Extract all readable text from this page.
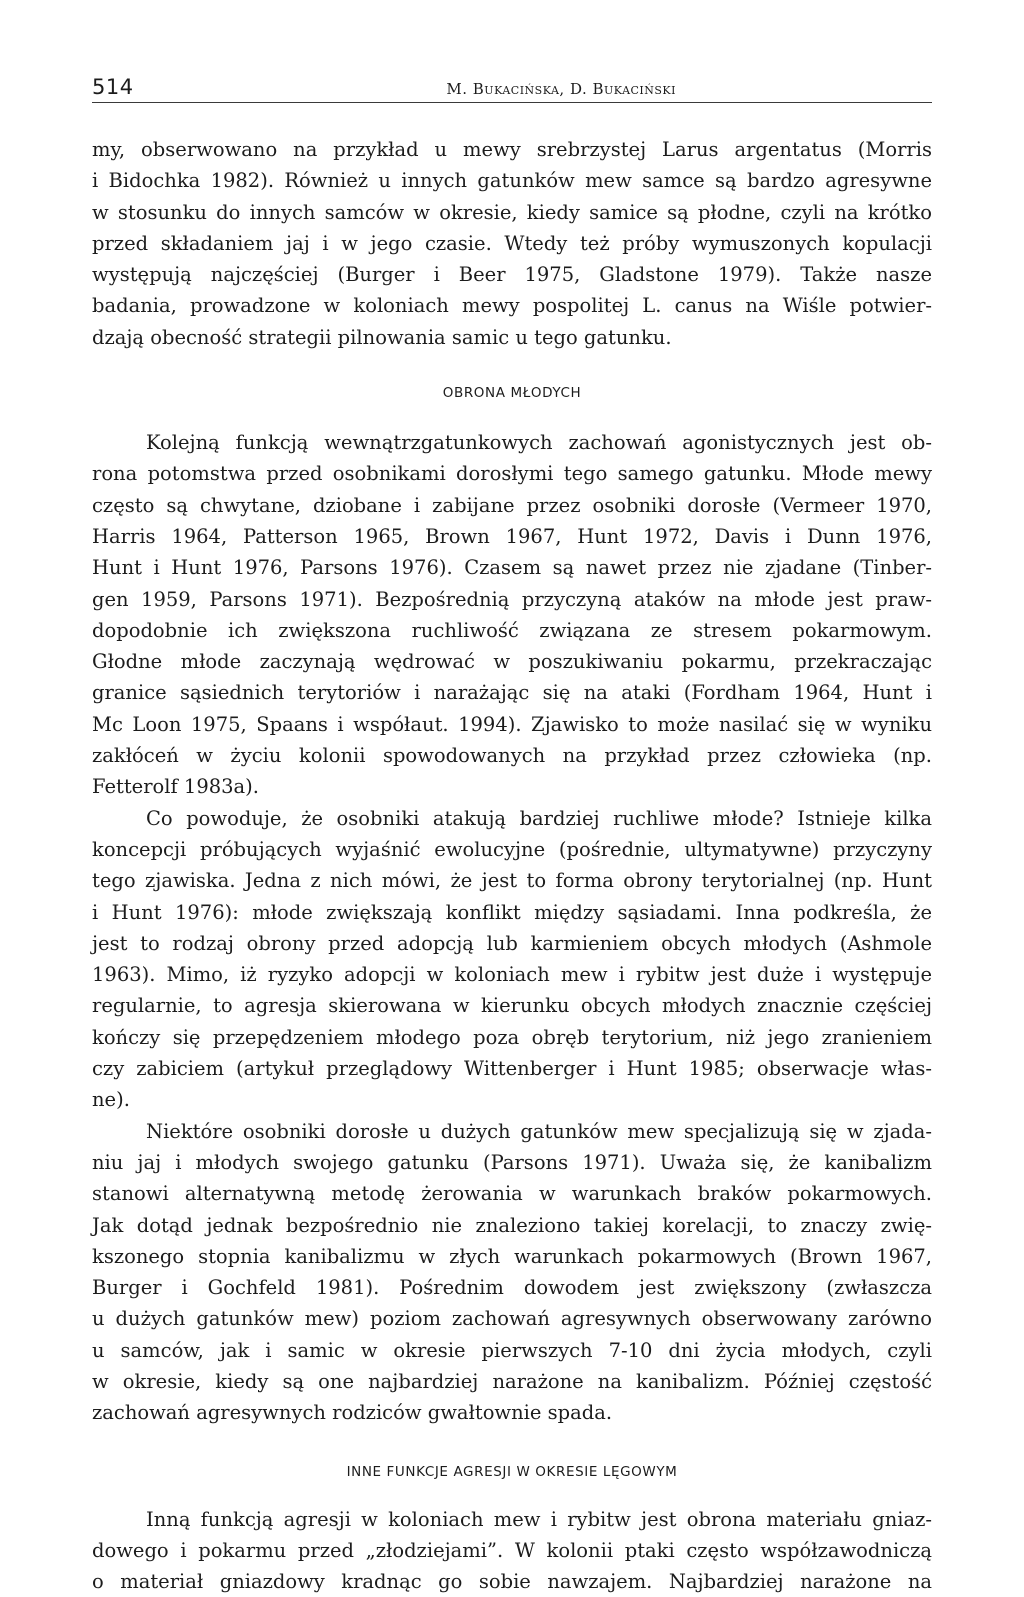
514	M. Bukacińska, D. Bukaciński
my, obserwowano na przykład u mewy srebrzystej Larus argentatus (Morris
i Bidochka 1982). Również u innych gatunków mew samce są bardzo agresywne
w stosunku do innych samców w okresie, kiedy samice są płodne, czyli na krótko
przed składaniem jaj i w jego czasie. Wtedy też próby wymuszonych kopulacji
występują najczęściej (Burger i Beer 1975, Gladstone 1979). Także nasze
badania, prowadzone w koloniach mewy pospolitej L. canus na Wiśle potwier-
dzają obecność strategii pilnowania samic u tego gatunku.
OBRONA MŁODYCH
Kolejną funkcją wewnątrzgatunkowych zachowań agonistycznych jest ob-
rona potomstwa przed osobnikami dorosłymi tego samego gatunku. Młode mewy
często są chwytane, dziobane i zabijane przez osobniki dorosłe (Vermeer 1970,
Harris 1964, Patterson 1965, Brown 1967, Hunt 1972, Davis i Dunn 1976,
Hunt i Hunt 1976, Parsons 1976). Czasem są nawet przez nie zjadane (Tinber-
gen 1959, Parsons 1971). Bezpośrednią przyczyną ataków na młode jest praw-
dopodobnie ich zwiększona ruchliwość związana ze stresem pokarmowym.
Głodne młode zaczynają wędrować w poszukiwaniu pokarmu, przekraczając
granice sąsiednich terytoriów i narażając się na ataki (Fordham 1964, Hunt i
Mc Loon 1975, Spaans i współaut. 1994). Zjawisko to może nasilać się w wyniku
zakłóceń w życiu kolonii spowodowanych na przykład przez człowieka (np.
Fetterolf 1983a).
Co powoduje, że osobniki atakują bardziej ruchliwe młode? Istnieje kilka
koncepcji próbujących wyjaśnić ewolucyjne (pośrednie, ultymatywne) przyczyny
tego zjawiska. Jedna z nich mówi, że jest to forma obrony terytorialnej (np. Hunt
i Hunt 1976): młode zwiększają konflikt między sąsiadami. Inna podkreśla, że
jest to rodzaj obrony przed adopcją lub karmieniem obcych młodych (Ashmole
1963). Mimo, iż ryzyko adopcji w koloniach mew i rybitw jest duże i występuje
regularnie, to agresja skierowana w kierunku obcych młodych znacznie częściej
kończy się przepędzeniem młodego poza obręb terytorium, niż jego zranieniem
czy zabiciem (artykuł przeglądowy Wittenberger i Hunt 1985; obserwacje włas-
ne).
Niektóre osobniki dorosłe u dużych gatunków mew specjalizują się w zjada-
niu jaj i młodych swojego gatunku (Parsons 1971). Uważa się, że kanibalizm
stanowi alternatywną metodę żerowania w warunkach braków pokarmowych.
Jak dotąd jednak bezpośrednio nie znaleziono takiej korelacji, to znaczy zwię-
kszonego stopnia kanibalizmu w złych warunkach pokarmowych (Brown 1967,
Burger i Gochfeld 1981). Pośrednim dowodem jest zwiększony (zwłaszcza
u dużych gatunków mew) poziom zachowań agresywnych obserwowany zarówno
u samców, jak i samic w okresie pierwszych 7-10 dni życia młodych, czyli
w okresie, kiedy są one najbardziej narażone na kanibalizm. Później częstość
zachowań agresywnych rodziców gwałtownie spada.
INNE FUNKCJE AGRESJI W OKRESIE LĘGOWYM
Inną funkcją agresji w koloniach mew i rybitw jest obrona materiału gniaz-
dowego i pokarmu przed „złodziejami”. W kolonii ptaki często współzawodniczą
o materiał gniazdowy kradnąc go sobie nawzajem. Najbardziej narażone na
